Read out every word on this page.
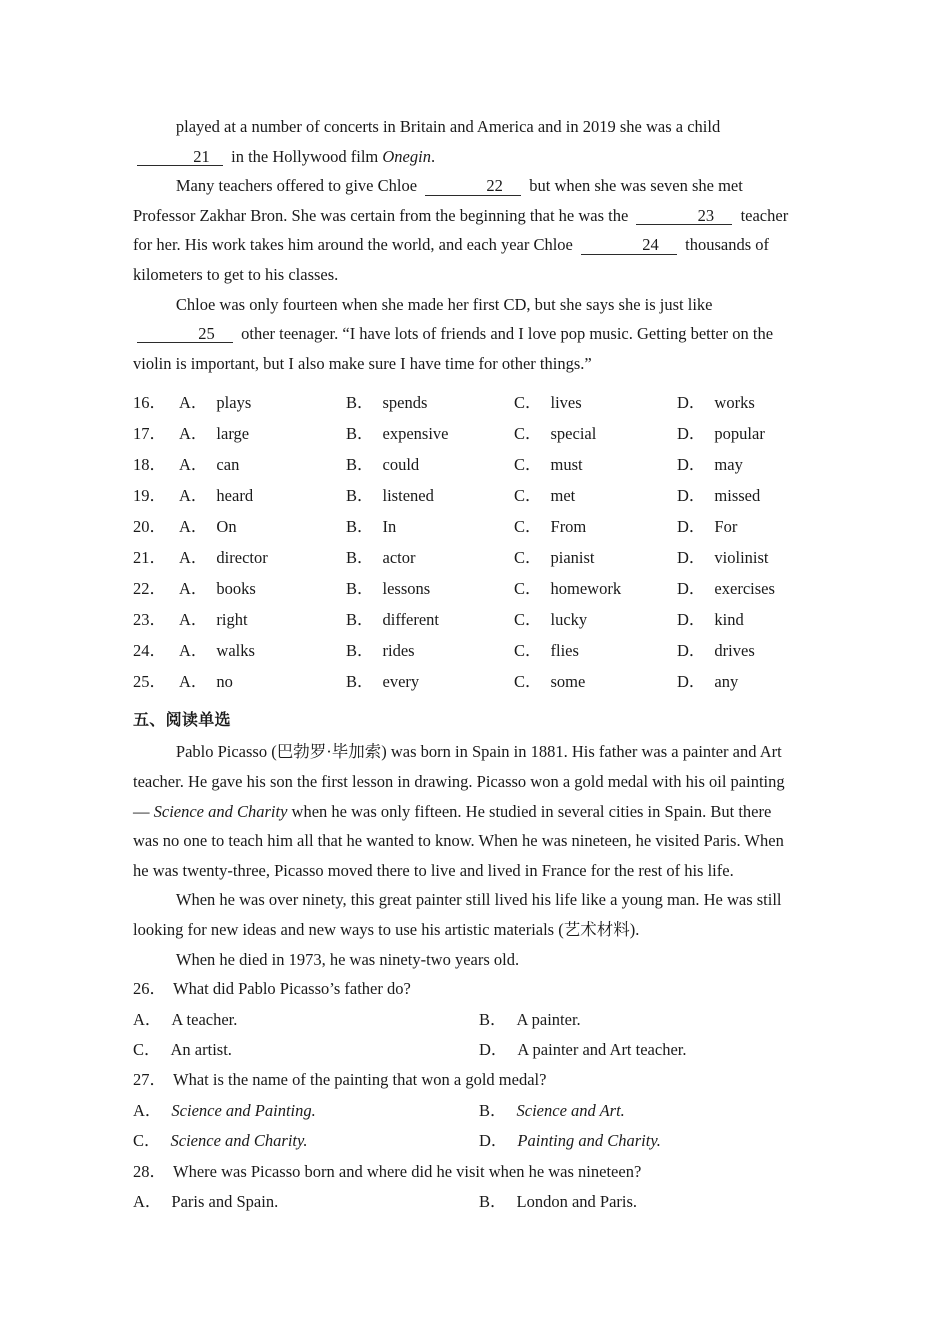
played at a number of concerts in Britain and America and in 2019 she was a child 21 in the Hollywood film Onegin.

Many teachers offered to give Chloe	22 but when she was seven she met Professor Zakhar Bron. She was certain from the beginning that he was the	23 teacher for her. His work takes him around the world, and each year Chloe	24 thousands of kilometers to get to his classes.

Chloe was only fourteen when she made her first CD, but she says she is just like 25 other teenager. “I have lots of friends and I love pop music. Getting better on the violin is important, but I also make sure I have time for other things.”

16． A． plays	B． spends	C． lives	D． works
17． A． large	B． expensive	C． special	D． popular
18． A． can	B． could	C． must	D． may
19． A． heard	B． listened	C． met	D． missed
20． A． On	B． In	C． From	D． For
21． A． director	B． actor	C． pianist	D． violinist
22． A． books	B． lessons	C． homework	D． exercises
23． A． right	B． different	C． lucky	D． kind
24． A． walks	B． rides	C． flies	D． drives
25． A． no	B． every	C． some	D． any
五、阅读单选

Pablo Picasso (巴勃罗·毕加索) was born in Spain in 1881. His father was a painter and Art teacher. He gave his son the first lesson in drawing. Picasso won a gold medal with his oil painting — Science and Charity when he was only fifteen. He studied in several cities in Spain. But there was no one to teach him all that he wanted to know. When he was nineteen, he visited Paris. When he was twenty-three, Picasso moved there to live and lived in France for the rest of his life.

When he was over ninety, this great painter still lived his life like a young man. He was still looking for new ideas and new ways to use his artistic materials (艺术材料).

When he died in 1973, he was ninety-two years old.

26． What did Pablo Picasso’s father do?

A． A teacher.	B． A painter.
C． An artist.	D． A painter and Art teacher.

27． What is the name of the painting that won a gold medal?

A． Science and Painting.	B． Science and Art.
C． Science and Charity.	D． Painting and Charity.

28． Where was Picasso born and where did he visit when he was nineteen?

A． Paris and Spain.	B． London and Paris.
